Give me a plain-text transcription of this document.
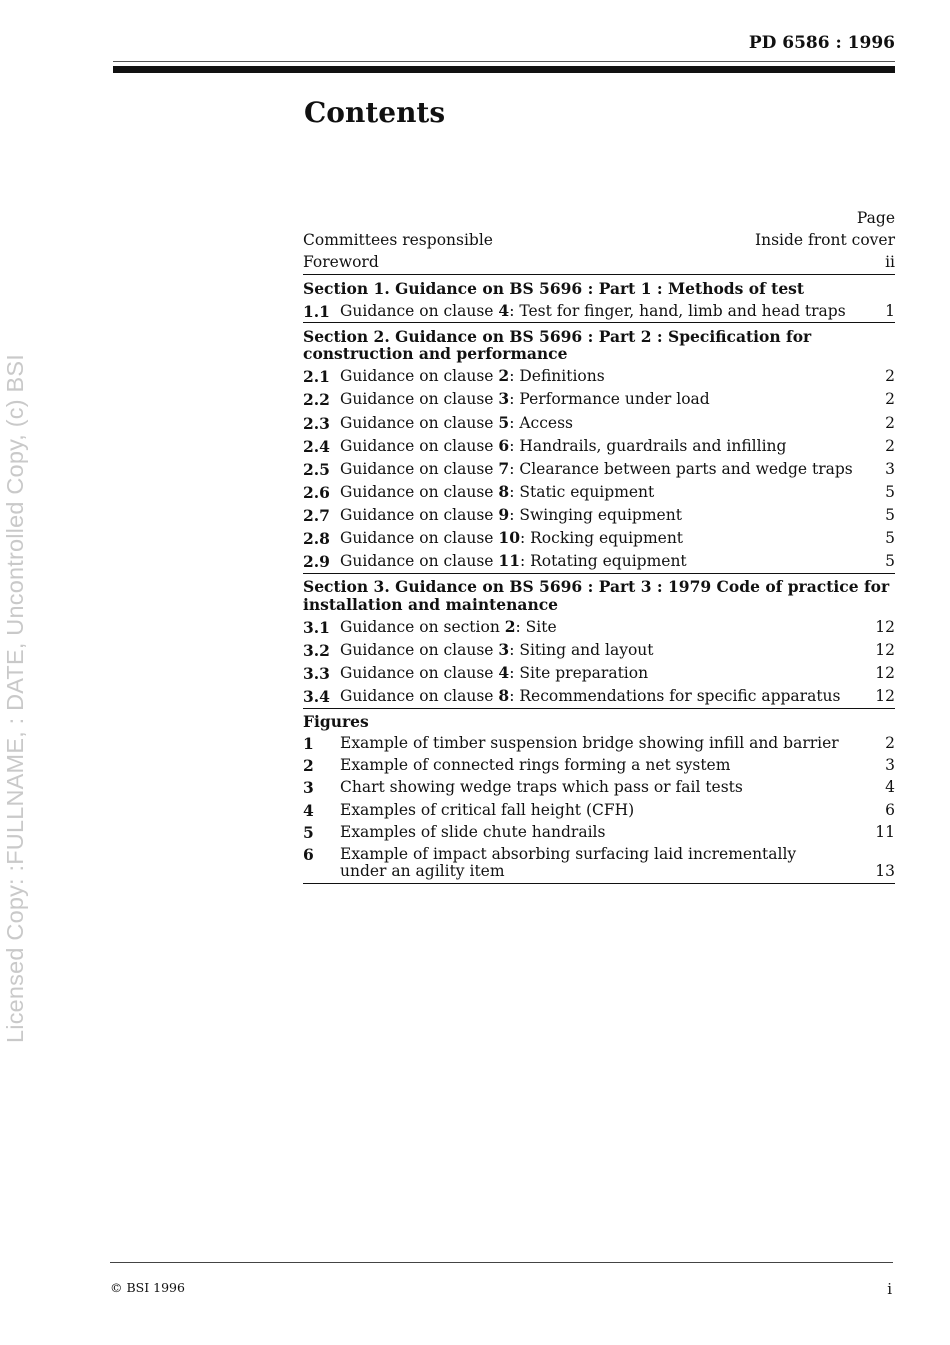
Licensed Copy: :FULLNAME, : DATE, Uncontrolled Copy, (c) BSI
PD 6586 : 1996
Contents
Page
Committees responsible	Inside front cover
Foreword	ii
Section 1. Guidance on BS 5696 : Part 1 : Methods of test
1.1 Guidance on clause 4: Test for finger, hand, limb and head traps	1
Section 2. Guidance on BS 5696 : Part 2 : Specification for construction and performance
2.1 Guidance on clause 2: Definitions	2
2.2 Guidance on clause 3: Performance under load	2
2.3 Guidance on clause 5: Access	2
2.4 Guidance on clause 6: Handrails, guardrails and infilling	2
2.5 Guidance on clause 7: Clearance between parts and wedge traps	3
2.6 Guidance on clause 8: Static equipment	5
2.7 Guidance on clause 9: Swinging equipment	5
2.8 Guidance on clause 10: Rocking equipment	5
2.9 Guidance on clause 11: Rotating equipment	5
Section 3. Guidance on BS 5696 : Part 3 : 1979 Code of practice for installation and maintenance
3.1 Guidance on section 2: Site	12
3.2 Guidance on clause 3: Siting and layout	12
3.3 Guidance on clause 4: Site preparation	12
3.4 Guidance on clause 8: Recommendations for specific apparatus	12
Figures
1	Example of timber suspension bridge showing infill and barrier	2
2	Example of connected rings forming a net system	3
3	Chart showing wedge traps which pass or fail tests	4
4	Examples of critical fall height (CFH)	6
5	Examples of slide chute handrails	11
6	Example of impact absorbing surfacing laid incrementally under an agility item	13
© BSI 1996	i
